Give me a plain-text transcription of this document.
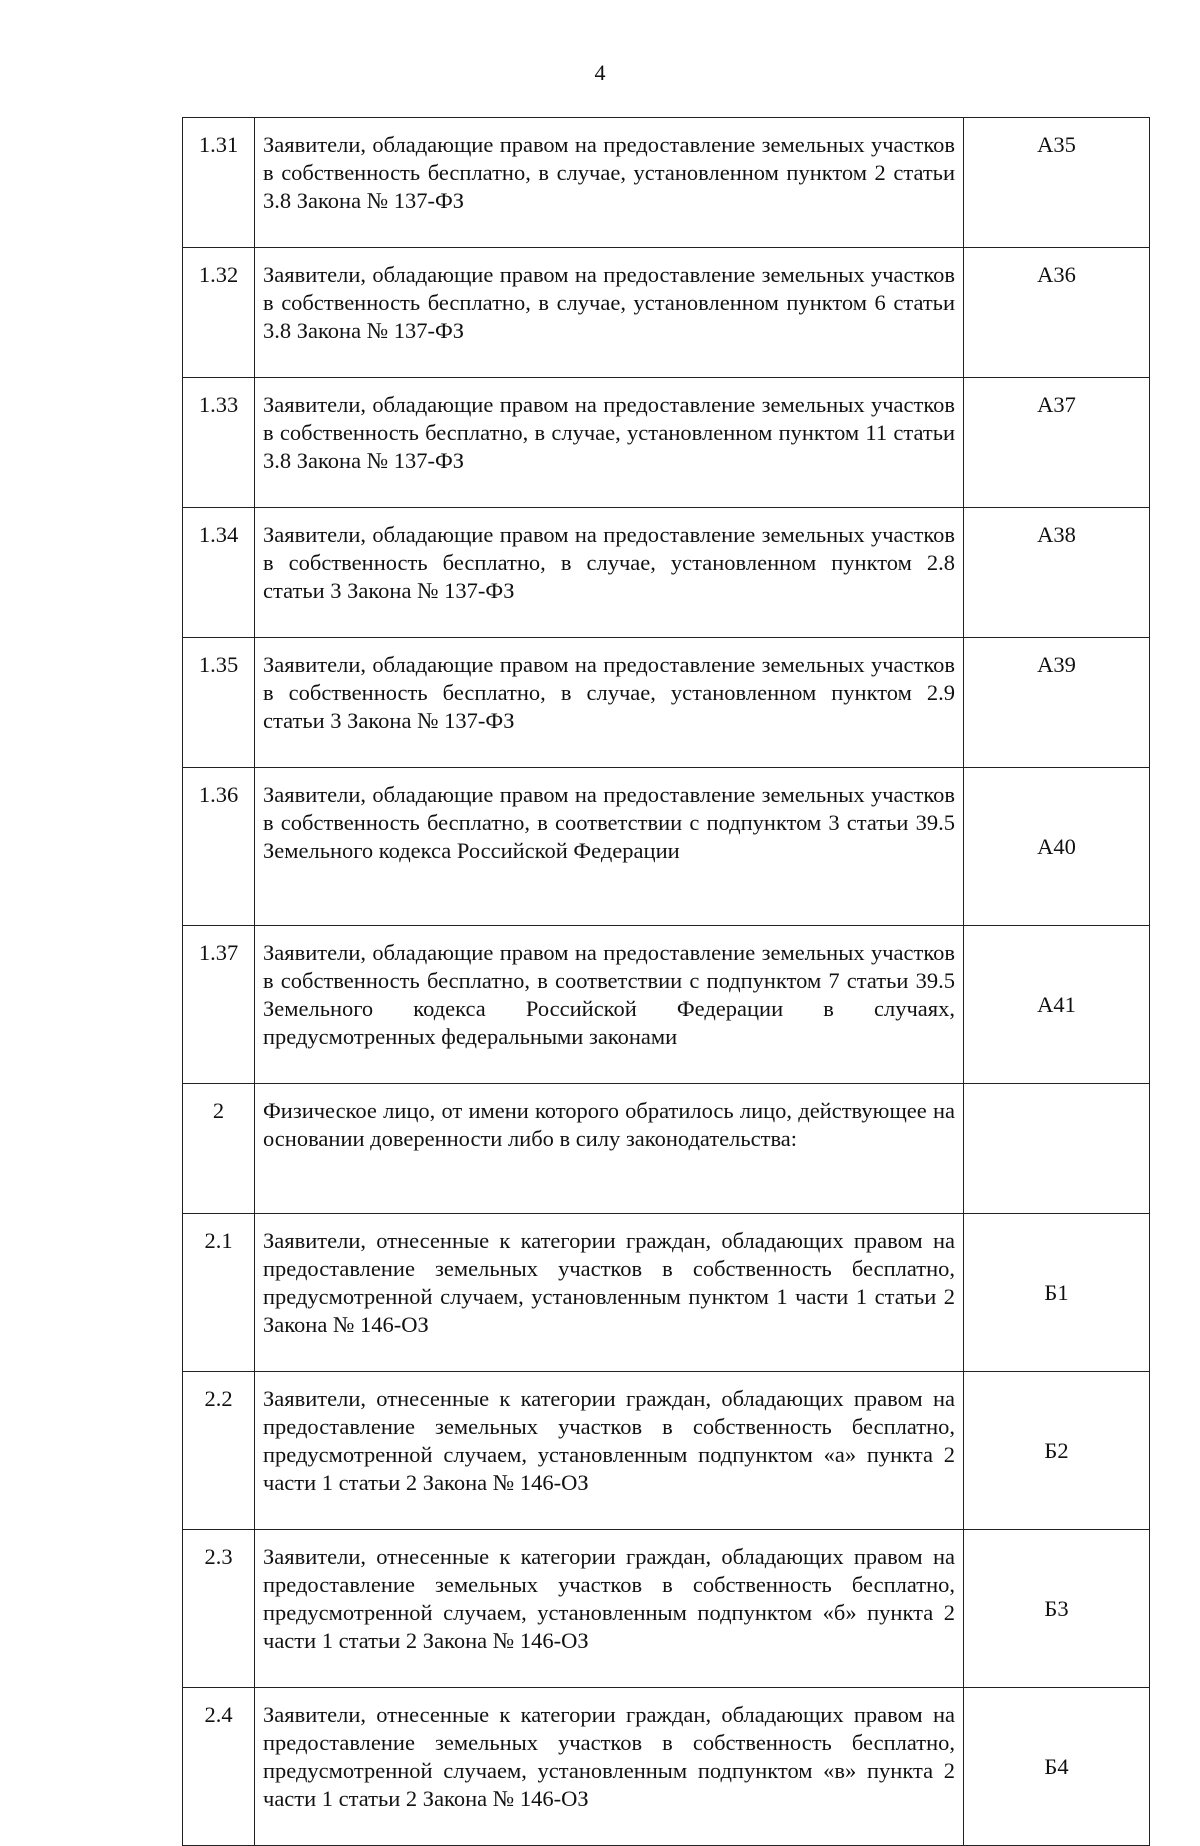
4
1.31	Заявители, обладающие правом на предоставление земельных участков в собственность бесплатно, в случае, установленном пунктом 2 статьи 3.8 Закона № 137-ФЗ	А35
1.32	Заявители, обладающие правом на предоставление земельных участков в собственность бесплатно, в случае, установленном пунктом 6 статьи 3.8 Закона № 137-ФЗ	А36
1.33	Заявители, обладающие правом на предоставление земельных участков в собственность бесплатно, в случае, установленном пунктом 11 статьи 3.8 Закона № 137-ФЗ	А37
1.34	Заявители, обладающие правом на предоставление земельных участков в собственность бесплатно, в случае, установленном пунктом 2.8 статьи 3 Закона № 137-ФЗ	А38
1.35	Заявители, обладающие правом на предоставление земельных участков в собственность бесплатно, в случае, установленном пунктом 2.9 статьи 3 Закона № 137-ФЗ	А39
1.36	Заявители, обладающие правом на предоставление земельных участков в собственность бесплатно, в соответствии с подпунктом 3 статьи 39.5 Земельного кодекса Российской Федерации	А40
1.37	Заявители, обладающие правом на предоставление земельных участков в собственность бесплатно, в соответствии с подпунктом 7 статьи 39.5 Земельного кодекса Российской Федерации в случаях, предусмотренных федеральными законами	А41
2	Физическое лицо, от имени которого обратилось лицо, действующее на основании доверенности либо в силу законодательства:	
2.1	Заявители, отнесенные к категории граждан, обладающих правом на предоставление земельных участков в собственность бесплатно, предусмотренной случаем, установленным пунктом 1 части 1 статьи 2 Закона № 146-ОЗ	Б1
2.2	Заявители, отнесенные к категории граждан, обладающих правом на предоставление земельных участков в собственность бесплатно, предусмотренной случаем, установленным подпунктом «а» пункта 2 части 1 статьи 2 Закона № 146-ОЗ	Б2
2.3	Заявители, отнесенные к категории граждан, обладающих правом на предоставление земельных участков в собственность бесплатно, предусмотренной случаем, установленным подпунктом «б» пункта 2 части 1 статьи 2 Закона № 146-ОЗ	Б3
2.4	Заявители, отнесенные к категории граждан, обладающих правом на предоставление земельных участков в собственность бесплатно, предусмотренной случаем, установленным подпунктом «в» пункта 2 части 1 статьи 2 Закона № 146-ОЗ	Б4
